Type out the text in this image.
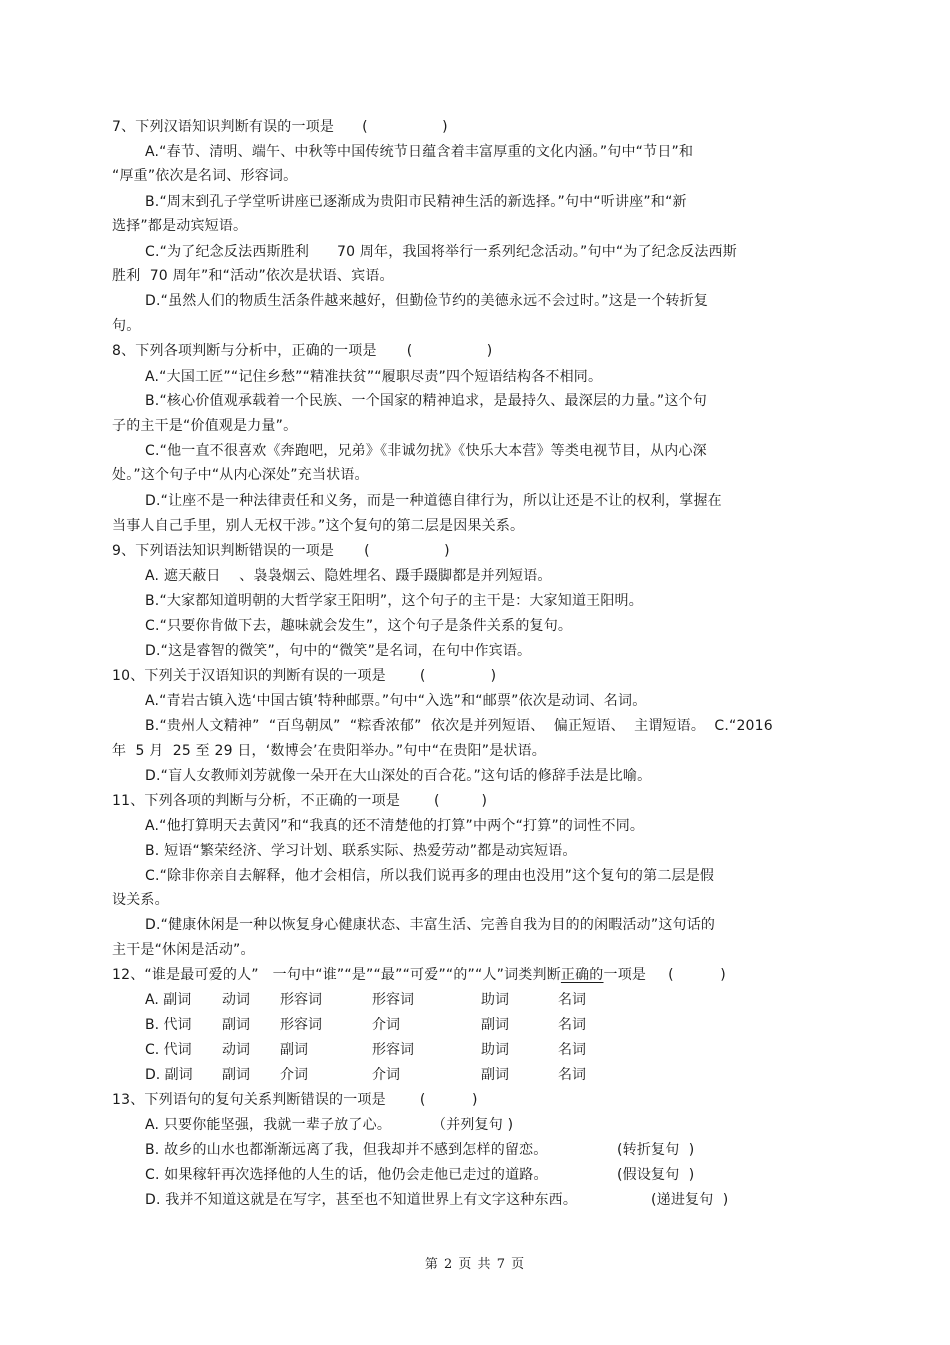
7、下列汉语知识判断有误的一项是 (                )
A.“春节、清明、端午、中秋等中国传统节日蕴含着丰富厚重的文化内涵。”句中“节日”和
“厚重”依次是名词、形容词。
B.“周末到孔子学堂听讲座已逐渐成为贵阳市民精神生活的新选择。”句中“听讲座”和“新
选择”都是动宾短语。
C.“为了纪念反法西斯胜利      70 周年，我国将举行一系列纪念活动。”句中“为了纪念反法西斯
胜利  70 周年”和“活动”依次是状语、宾语。
D.“虽然人们的物质生活条件越来越好，但勤俭节约的美德永远不会过时。”这是一个转折复
句。
8、下列各项判断与分析中，正确的一项是 (                )
A.“大国工匠”“记住乡愁”“精准扶贫”“履职尽责”四个短语结构各不相同。
B.“核心价值观承载着一个民族、一个国家的精神追求，是最持久、最深层的力量。”这个句
子的主干是“价值观是力量”。
C.“他一直不很喜欢《奔跑吧，兄弟》《非诚勿扰》《快乐大本营》等类电视节目，从内心深
处。”这个句子中“从内心深处”充当状语。
D.“让座不是一种法律责任和义务，而是一种道德自律行为，所以让还是不让的权利，掌握在
当事人自己手里，别人无权干涉。”这个复句的第二层是因果关系。
9、下列语法知识判断错误的一项是 (                )
A. 遮天蔽日    、袅袅烟云、隐姓埋名、蹑手蹑脚都是并列短语。
B.“大家都知道明朝的大哲学家王阳明”，这个句子的主干是：大家知道王阳明。
C.“只要你肯做下去，趣味就会发生”，这个句子是条件关系的复句。
D.“这是睿智的微笑”，句中的“微笑”是名词，在句中作宾语。
10、下列关于汉语知识的判断有误的一项是 (              )
A.“青岩古镇入选‘中国古镇’特种邮票。”句中“入选”和“邮票”依次是动词、名词。
B.“贵州人文精神”  “百鸟朝凤”  “粽香浓郁”  依次是并列短语、  偏正短语、  主谓短语。  C.“2016
年  5 月  25 至 29 日，‘数博会’在贵阳举办。”句中“在贵阳”是状语。
D.“盲人女教师刘芳就像一朵开在大山深处的百合花。”这句话的修辞手法是比喻。
11、下列各项的判断与分析，不正确的一项是 (         )
A.“他打算明天去黄冈”和“我真的还不清楚他的打算”中两个“打算”的词性不同。
B. 短语“繁荣经济、学习计划、联系实际、热爱劳动”都是动宾短语。
C.“除非你亲自去解释，他才会相信，所以我们说再多的理由也没用”这个复句的第二层是假
设关系。
D.“健康休闲是一种以恢复身心健康状态、丰富生活、完善自我为目的的闲暇活动”这句话的
主干是“休闲是活动”。
12、“谁是最可爱的人”   一句中“谁”“是”“最”“可爱”“的”“人”词类判断正确的一项是 (          )
A. 副词 动词 形容词	形容词	助词	名词
B. 代词 副词 形容词	介词	副词	名词
C. 代词 动词 副词	形容词	助词	名词
D. 副词 副词 介词	介词	副词	名词
13、下列语句的复句关系判断错误的一项是 (          )
A. 只要你能坚强，我就一辈子放了心。	（并列复句 )
B. 故乡的山水也都渐渐远离了我，但我却并不感到怎样的留恋。	(转折复句  )
C. 如果稼轩再次选择他的人生的话，他仍会走他已走过的道路。	(假设复句  )
D. 我并不知道这就是在写字，甚至也不知道世界上有文字这种东西。	(递进复句  )
第 2 页 共 7 页
